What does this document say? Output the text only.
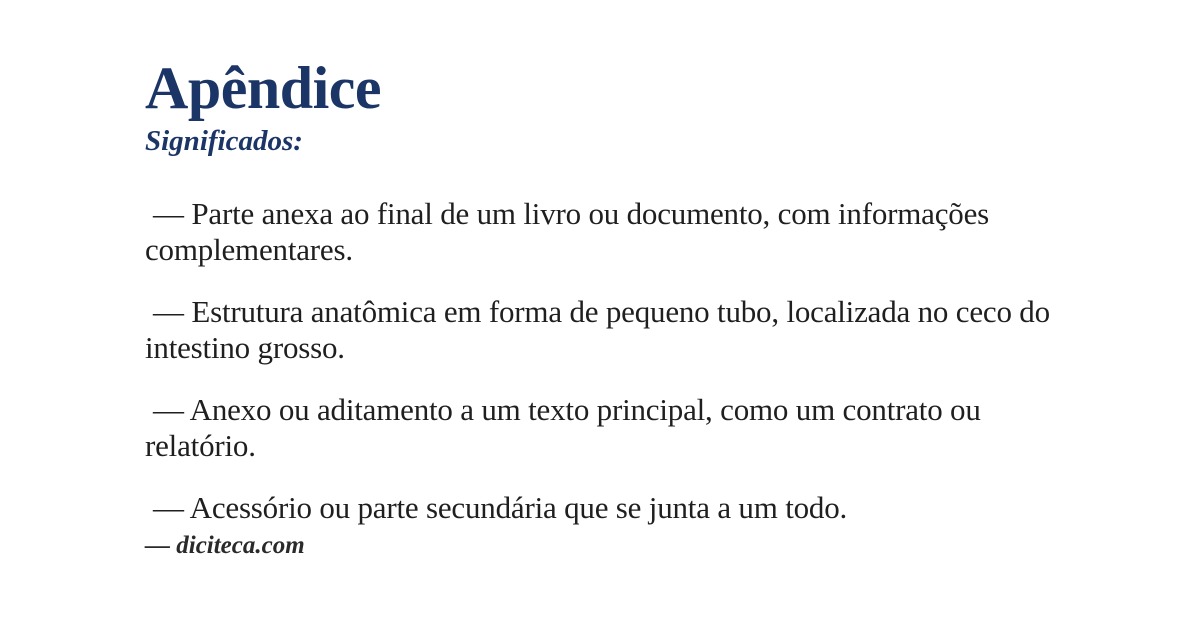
Apêndice
Significados:

— Parte anexa ao final de um livro ou documento, com informações complementares.

— Estrutura anatômica em forma de pequeno tubo, localizada no ceco do intestino grosso.

— Anexo ou aditamento a um texto principal, como um contrato ou relatório.

— Acessório ou parte secundária que se junta a um todo.

— diciteca.com
